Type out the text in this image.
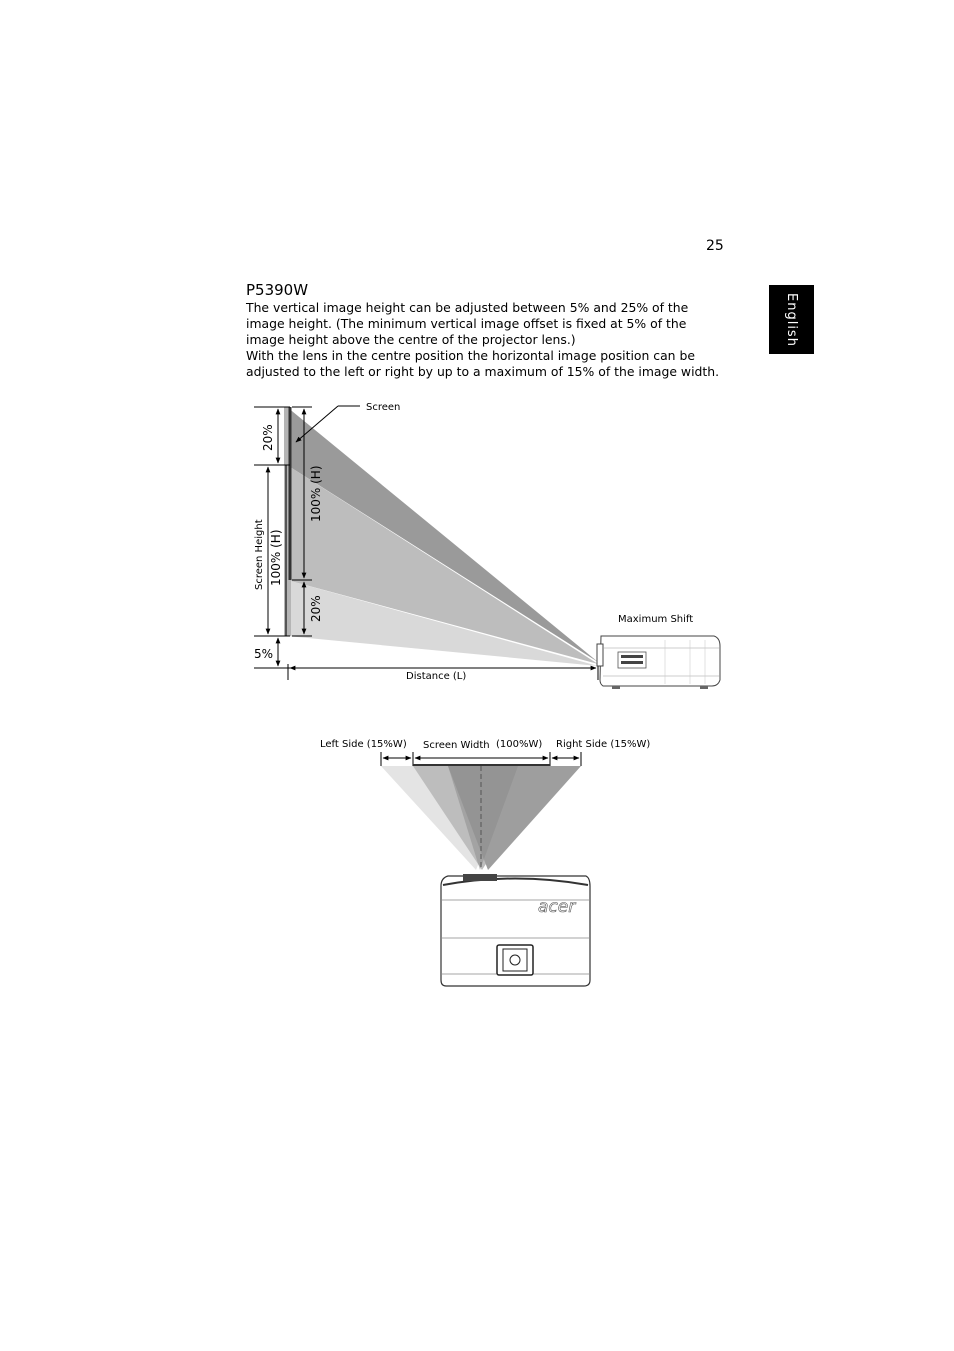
25
English
P5390W

The vertical image height can be adjusted between 5% and 25% of the image height. (The minimum vertical image offset is fixed at 5% of the image height above the centre of the projector lens.)

With the lens in the centre position the horizontal image position can be adjusted to the left or right by up to a maximum of 15% of the image width.

Screen
20%
100% (H)
Screen Height 100% (H)
20%
5%
Distance (L)
Maximum Shift
Left Side (15%W) Screen Width (100%W) Right Side (15%W)
acer
